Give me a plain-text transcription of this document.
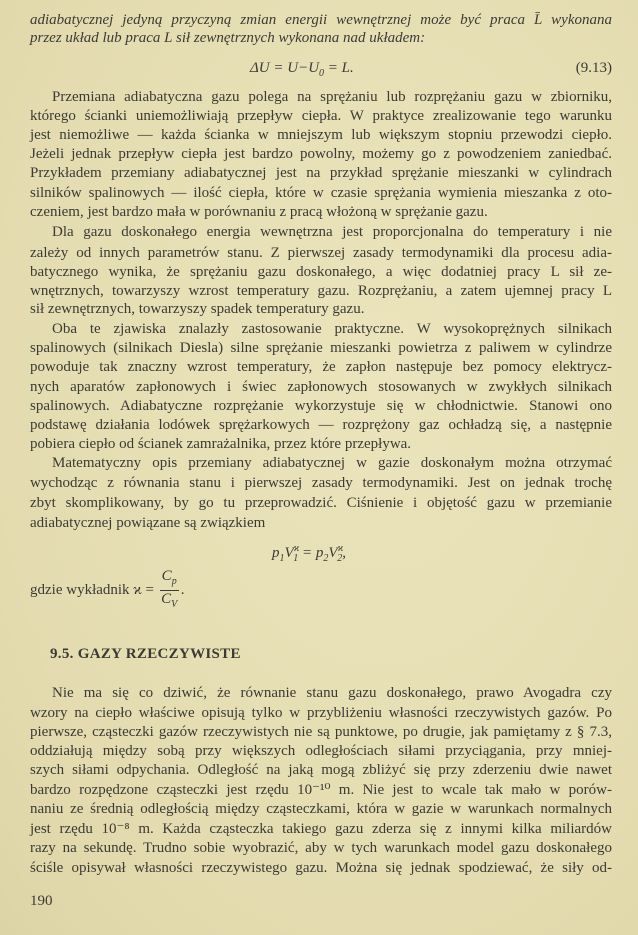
adiabatycznej jedyną przyczyną zmian energii wewnętrznej może być praca L̄ wykonana
przez układ lub praca L sił zewnętrznych wykonana nad układem:
Przemiana adiabatyczna gazu polega na sprężaniu lub rozprężaniu gazu w zbiorniku,
którego ścianki uniemożliwiają przepływ ciepła. W praktyce zrealizowanie tego warunku
jest niemożliwe — każda ścianka w mniejszym lub większym stopniu przewodzi ciepło.
Jeżeli jednak przepływ ciepła jest bardzo powolny, możemy go z powodzeniem zaniedbać.
Przykładem przemiany adiabatycznej jest na przykład sprężanie mieszanki w cylindrach
silników spalinowych — ilość ciepła, które w czasie sprężania wymienia mieszanka z oto-
czeniem, jest bardzo mała w porównaniu z pracą włożoną w sprężanie gazu.
Dla gazu doskonałego energia wewnętrzna jest proporcjonalna do temperatury i nie
zależy od innych parametrów stanu. Z pierwszej zasady termodynamiki dla procesu adia-
batycznego wynika, że sprężaniu gazu doskonałego, a więc dodatniej pracy L sił ze-
wnętrznych, towarzyszy wzrost temperatury gazu. Rozprężaniu, a zatem ujemnej pracy L
sił zewnętrznych, towarzyszy spadek temperatury gazu.
Oba te zjawiska znalazły zastosowanie praktyczne. W wysokoprężnych silnikach
spalinowych (silnikach Diesla) silne sprężanie mieszanki powietrza z paliwem w cylindrze
powoduje tak znaczny wzrost temperatury, że zapłon następuje bez pomocy elektrycz-
nych aparatów zapłonowych i świec zapłonowych stosowanych w zwykłych silnikach
spalinowych. Adiabatyczne rozprężanie wykorzystuje się w chłodnictwie. Stanowi ono
podstawę działania lodówek sprężarkowych — rozprężony gaz ochładzą się, a następnie
pobiera ciepło od ścianek zamrażalnika, przez które przepływa.
Matematyczny opis przemiany adiabatycznej w gazie doskonałym można otrzymać
wychodząc z równania stanu i pierwszej zasady termodynamiki. Jest on jednak trochę
zbyt skomplikowany, by go tu przeprowadzić. Ciśnienie i objętość gazu w przemianie
adiabatycznej powiązane są związkiem
Nie ma się co dziwić, że równanie stanu gazu doskonałego, prawo Avogadra czy
wzory na ciepło właściwe opisują tylko w przybliżeniu własności rzeczywistych gazów. Po
pierwsze, cząsteczki gazów rzeczywistych nie są punktowe, po drugie, jak pamiętamy z § 7.3,
oddziałują między sobą przy większych odległościach siłami przyciągania, przy mniej-
szych siłami odpychania. Odległość na jaką mogą zbliżyć się przy zderzeniu dwie nawet
bardzo rozpędzone cząsteczki jest rzędu 10⁻¹⁰ m. Nie jest to wcale tak mało w porów-
naniu ze średnią odległością między cząsteczkami, która w gazie w warunkach normalnych
jest rzędu 10⁻⁸ m. Każda cząsteczka takiego gazu zderza się z innymi kilka miliardów
razy na sekundę. Trudno sobie wyobrazić, aby w tych warunkach model gazu doskonałego
ściśle opisywał własności rzeczywistego gazu. Można się jednak spodziewać, że siły od-
$\Delta U = U-U_0 = L$.	(9.13)
$p_1V^ϰ_1 = p_2V^ϰ_2$,
gdzie wykładnik $ϰ = \frac{C_p}{C_V}$ .
9.5. GAZY RZECZYWISTE
190
